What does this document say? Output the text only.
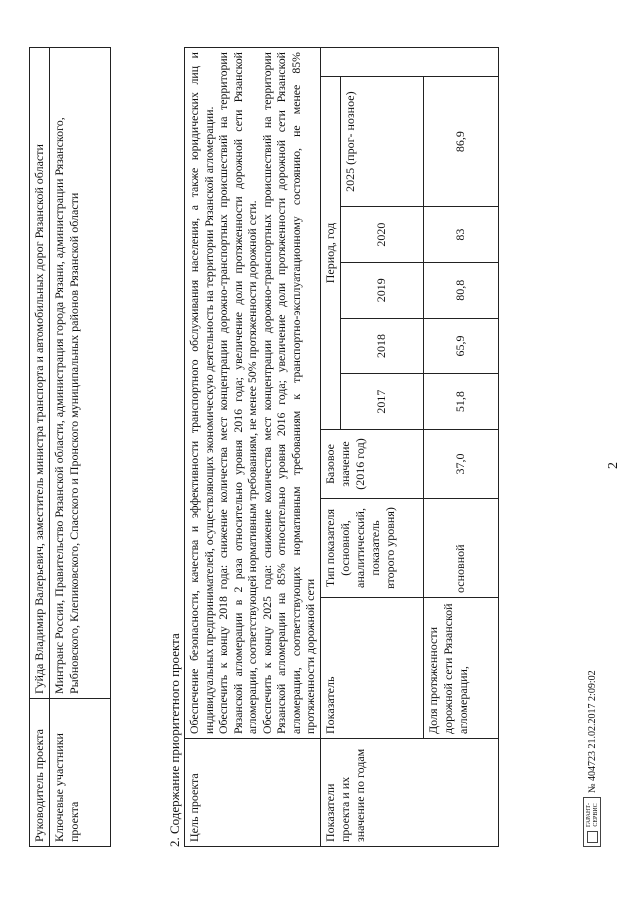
2
Руководитель проекта	Гуйда Владимир Валерьевич, заместитель министра транспорта и автомобильных дорог Рязанской области
Ключевые участники проекта	Минтранс России, Правительство Рязанской области, администрация города Рязани, администрации Рязанского, Рыбновского, Клепиковского, Спасского и Пронского муниципальных районов Рязанской области
2. Содержание приоритетного проекта Цель проекта	Обеспечение безопасности, качества и эффективности транспортного обслуживания населения, а также юридических лиц и индивидуальных предпринимателей, осуществляющих экономическую деятельность на территории Рязанской агломерации. Обеспечить к концу 2018 года: снижение количества мест концентрации дорожно-транспортных происшествий на территории Рязанской агломерации в 2 раза относительно уровня 2016 года; увеличение доли протяженности дорожной сети Рязанской агломерации, соответствующей нормативным требованиям, не менее 50% протяженности дорожной сети. Обеспечить к концу 2025 года: снижение количества мест концентрации дорожно-транспортных происшествий на территории Рязанской агломерации на 85% относительно уровня 2016 года; увеличение доли протяженности дорожной сети Рязанской агломерации, соответствующих нормативным требованиям к транспортно-эксплуатационному состоянию, не менее 85% протяженности дорожной сети								

Показатели проекта и их значение по годам	Показатель	Тип показателя (основной, аналитический, показатель второго уровня)	Базовое значение (2016 год)	Период, год					
				2017	2018	2019	2020	2025 (прог- нозное)	
	Доля протяженности дорожной сети Рязанской агломерации,	основной	37,0	51,8	65,9	80,8	83	86,9	
ГАРАНТ-СЕРВИС
№ 404723 21.02.2017 2:09:02
